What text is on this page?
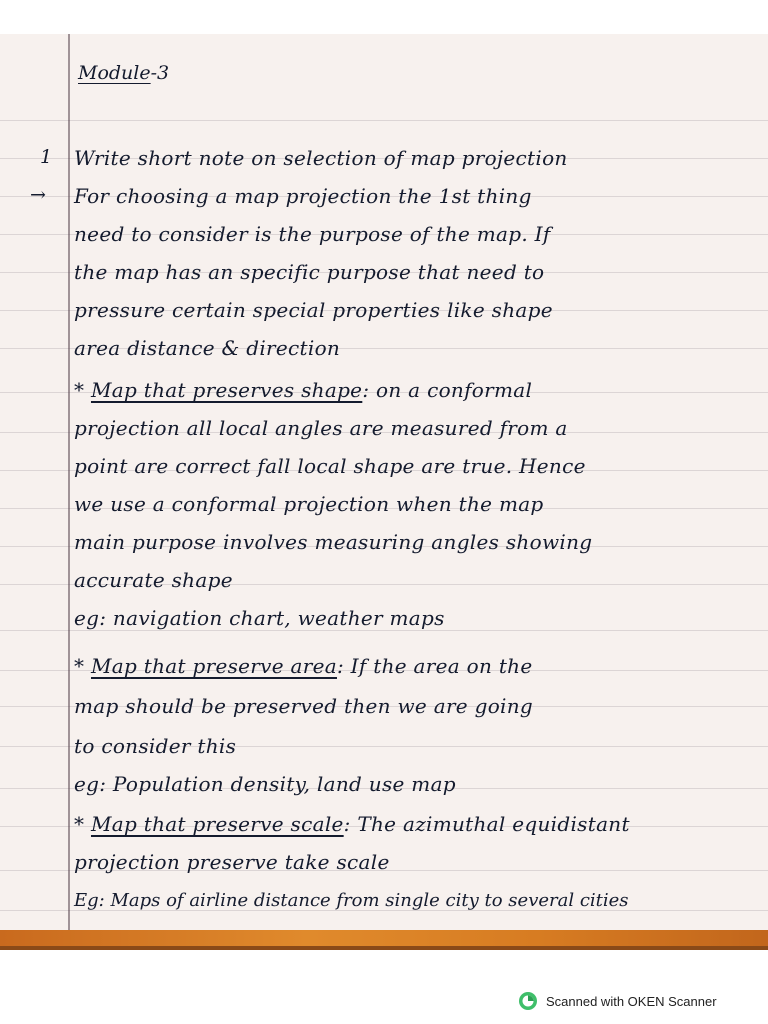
Module-3
1 Write short note on selection of map projection
→ For choosing a map projection the 1st thing
need to consider is the purpose of the map. If
the map has an specific purpose that need to
pressure certain special properties like shape
area distance & direction
* Map that preserves shape: on a conformal
projection all local angles are measured from a
point are correct fall local shape are true. Hence
we use a conformal projection when the map
main purpose involves measuring angles showing
accurate shape
eg: navigation chart, weather maps
* Map that preserve area: If the area on the
map should be preserved then we are going
to consider this
eg: Population density, land use map
* Map that preserve scale: The azimuthal equidistant
projection preserve take scale
Eg: Maps of airline distance from single city to several cities
Scanned with OKEN Scanner
